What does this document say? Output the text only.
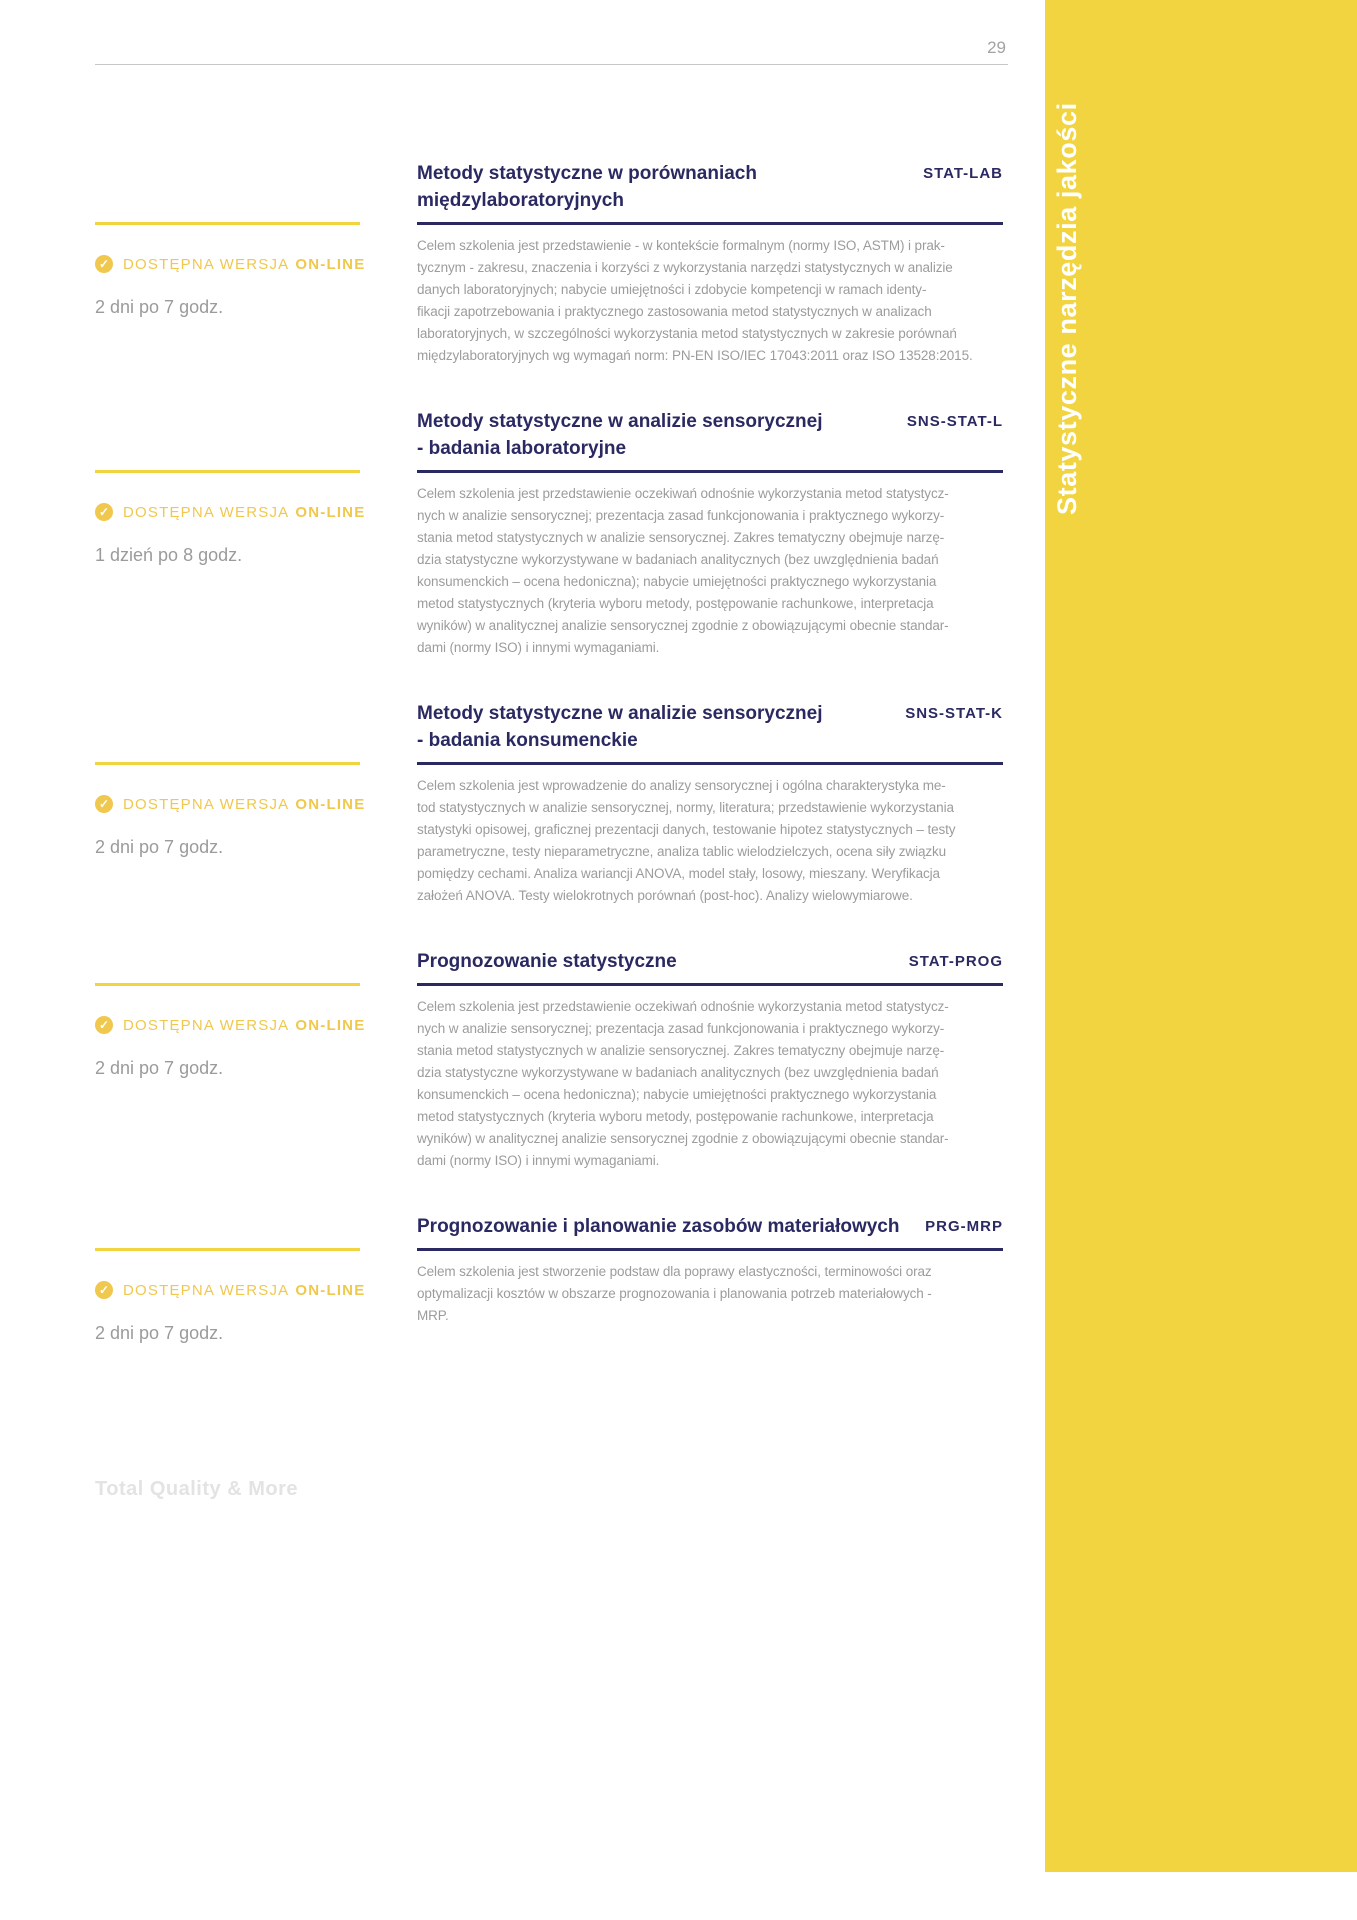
Statystyczne narzędzia jakości
29
✓ DOSTĘPNA WERSJA ON-LINE
2 dni po 7 godz.
Metody statystyczne w porównaniach
międzylaboratoryjnych
STAT-LAB
Celem szkolenia jest przedstawienie - w kontekście formalnym (normy ISO, ASTM) i prak-
tycznym - zakresu, znaczenia i korzyści z wykorzystania narzędzi statystycznych w analizie
danych laboratoryjnych; nabycie umiejętności i zdobycie kompetencji w ramach identy-
fikacji zapotrzebowania i praktycznego zastosowania metod statystycznych w analizach
laboratoryjnych, w szczególności wykorzystania metod statystycznych w zakresie porównań
międzylaboratoryjnych wg wymagań norm: PN-EN ISO/IEC 17043:2011 oraz ISO 13528:2015.
✓ DOSTĘPNA WERSJA ON-LINE
1 dzień po 8 godz.
Metody statystyczne w analizie sensorycznej
- badania laboratoryjne
SNS-STAT-L
Celem szkolenia jest przedstawienie oczekiwań odnośnie wykorzystania metod statystycz-
nych w analizie sensorycznej; prezentacja zasad funkcjonowania i praktycznego wykorzy-
stania metod statystycznych w analizie sensorycznej. Zakres tematyczny obejmuje narzę-
dzia statystyczne wykorzystywane w badaniach analitycznych (bez uwzględnienia badań
konsumenckich – ocena hedoniczna); nabycie umiejętności praktycznego wykorzystania
metod statystycznych (kryteria wyboru metody, postępowanie rachunkowe, interpretacja
wyników) w analitycznej analizie sensorycznej zgodnie z obowiązującymi obecnie standar-
dami (normy ISO) i innymi wymaganiami.
✓ DOSTĘPNA WERSJA ON-LINE
2 dni po 7 godz.
Metody statystyczne w analizie sensorycznej
- badania konsumenckie
SNS-STAT-K
Celem szkolenia jest wprowadzenie do analizy sensorycznej i ogólna charakterystyka me-
tod statystycznych w analizie sensorycznej, normy, literatura; przedstawienie wykorzystania
statystyki opisowej, graficznej prezentacji danych, testowanie hipotez statystycznych – testy
parametryczne, testy nieparametryczne, analiza tablic wielodzielczych, ocena siły związku
pomiędzy cechami. Analiza wariancji ANOVA, model stały, losowy, mieszany. Weryfikacja
założeń ANOVA. Testy wielokrotnych porównań (post-hoc). Analizy wielowymiarowe.
✓ DOSTĘPNA WERSJA ON-LINE
2 dni po 7 godz.
Prognozowanie statystyczne	STAT-PROG
Celem szkolenia jest przedstawienie oczekiwań odnośnie wykorzystania metod statystycz-
nych w analizie sensorycznej; prezentacja zasad funkcjonowania i praktycznego wykorzy-
stania metod statystycznych w analizie sensorycznej. Zakres tematyczny obejmuje narzę-
dzia statystyczne wykorzystywane w badaniach analitycznych (bez uwzględnienia badań
konsumenckich – ocena hedoniczna); nabycie umiejętności praktycznego wykorzystania
metod statystycznych (kryteria wyboru metody, postępowanie rachunkowe, interpretacja
wyników) w analitycznej analizie sensorycznej zgodnie z obowiązującymi obecnie standar-
dami (normy ISO) i innymi wymaganiami.
✓ DOSTĘPNA WERSJA ON-LINE
2 dni po 7 godz.
Prognozowanie i planowanie zasobów materiałowych PRG-MRP
Celem szkolenia jest stworzenie podstaw dla poprawy elastyczności, terminowości oraz
optymalizacji kosztów w obszarze prognozowania i planowania potrzeb materiałowych -
MRP.
Total Quality & More
